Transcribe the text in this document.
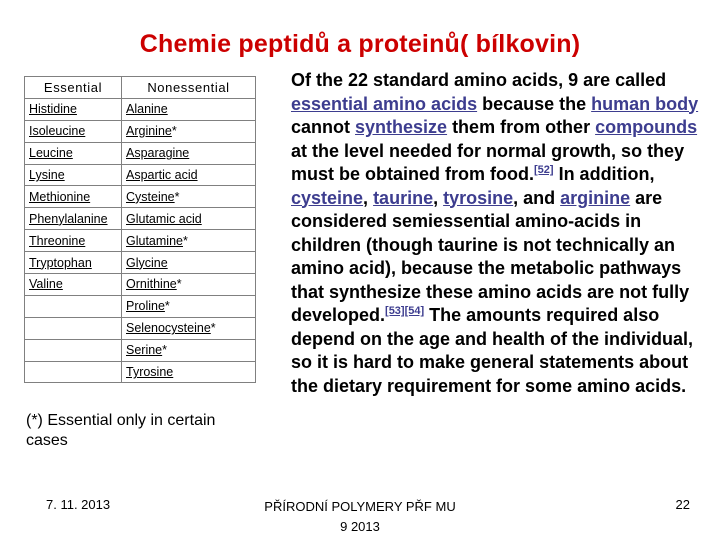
Chemie peptidů a proteinů( bílkovin)
Essential	Nonessential
Histidine	Alanine
Isoleucine	Arginine*
Leucine	Asparagine
Lysine	Aspartic acid
Methionine	Cysteine*
Phenylalanine	Glutamic acid
Threonine	Glutamine*
Tryptophan	Glycine
Valine	Ornithine*
	Proline*
	Selenocysteine*
	Serine*
	Tyrosine
(*) Essential only in certain cases
Of the 22 standard amino acids, 9 are called essential amino acids because the human body cannot synthesize them from other compounds at the level needed for normal growth, so they must be obtained from food.[52] In addition, cysteine, taurine, tyrosine, and arginine are considered semiessential amino-acids in children (though taurine is not technically an amino acid), because the metabolic pathways that synthesize these amino acids are not fully developed.[53][54] The amounts required also depend on the age and health of the individual, so it is hard to make general statements about the dietary requirement for some amino acids.
7. 11. 2013	PŘÍRODNÍ POLYMERY PŘF MU
9 2013
22
